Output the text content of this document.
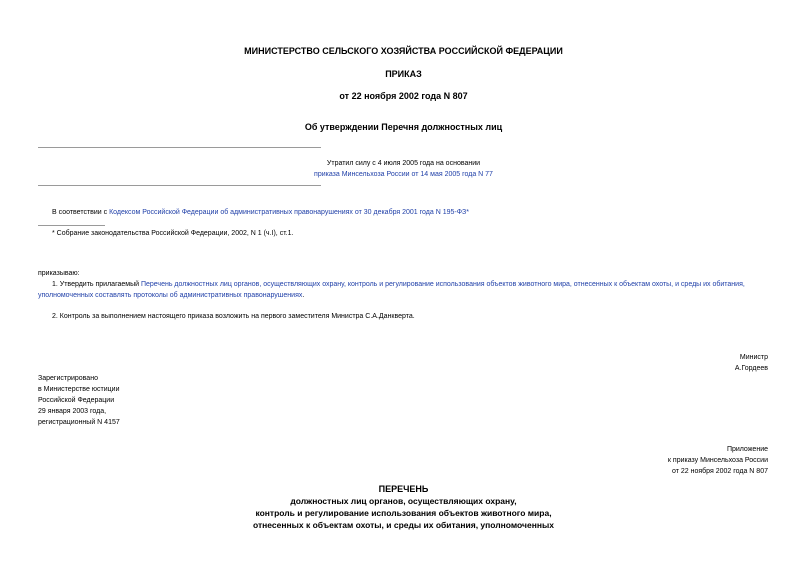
МИНИСТЕРСТВО СЕЛЬСКОГО ХОЗЯЙСТВА РОССИЙСКОЙ ФЕДЕРАЦИИ
ПРИКАЗ
от 22 ноября 2002 года N 807
Об утверждении Перечня должностных лиц
Утратил силу с 4 июля 2005 года на основании
приказа Минсельхоза России от 14 мая 2005 года N 77
В соответствии с Кодексом Российской Федерации об административных правонарушениях от 30 декабря 2001 года N 195-ФЗ*
* Собрание законодательства Российской Федерации, 2002, N 1 (ч.I), ст.1.
приказываю:
1. Утвердить прилагаемый Перечень должностных лиц органов, осуществляющих охрану, контроль и регулирование использования объектов животного мира, отнесенных к объектам охоты, и среды их обитания,
уполномоченных составлять протоколы об административных правонарушениях.
2. Контроль за выполнением настоящего приказа возложить на первого заместителя Министра С.А.Данкверта.
Министр
А.Гордеев
Зарегистрировано
в Министерстве юстиции
Российской Федерации
29 января 2003 года,
регистрационный N 4157
Приложение
к приказу Минсельхоза России
от 22 ноября 2002 года N 807
ПЕРЕЧЕНЬ
должностных лиц органов, осуществляющих охрану,
контроль и регулирование использования объектов животного мира,
отнесенных к объектам охоты, и среды их обитания, уполномоченных
